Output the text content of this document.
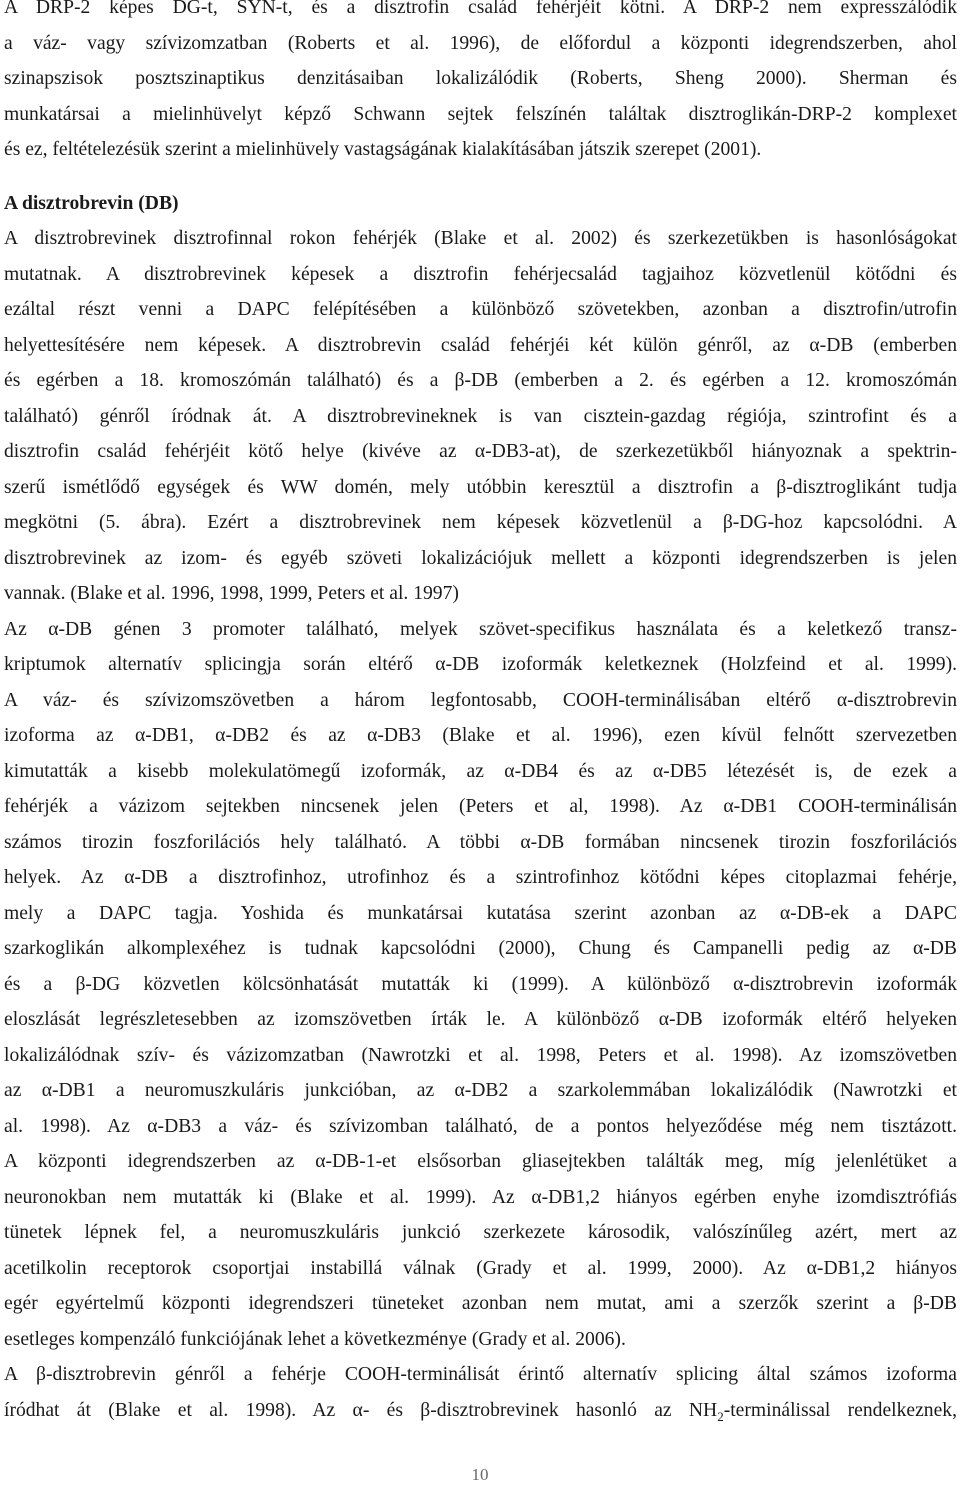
A DRP-2 képes DG-t, SYN-t, és a disztrofin család fehérjéit kötni. A DRP-2 nem expresszálódik
a váz- vagy szívizomzatban (Roberts et al. 1996), de előfordul a központi idegrendszerben, ahol
szinapszisok posztszinaptikus denzitásaiban lokalizálódik (Roberts, Sheng 2000). Sherman és
munkatársai a mielinhüvelyt képző Schwann sejtek felszínén találtak disztroglikán-DRP-2 komplexet
és ez, feltételezésük szerint a mielinhüvely vastagságának kialakításában játszik szerepet (2001).
A disztrobrevin (DB)
A disztrobrevinek disztrofinnal rokon fehérjék (Blake et al. 2002) és szerkezetükben is hasonlóságokat
mutatnak. A disztrobrevinek képesek a disztrofin fehérjecsalád tagjaihoz közvetlenül kötődni és
ezáltal részt venni a DAPC felépítésében a különböző szövetekben, azonban a disztrofin/utrofin
helyettesítésére nem képesek. A disztrobrevin család fehérjéi két külön génről, az α-DB (emberben
és egérben a 18. kromoszómán található) és a β-DB (emberben a 2. és egérben a 12. kromoszómán
található) génről íródnak át. A disztrobrevineknek is van cisztein-gazdag régiója, szintrofint és a
disztrofin család fehérjéit kötő helye (kivéve az α-DB3-at), de szerkezetükből hiányoznak a spektrin-
szerű ismétlődő egységek és WW domén, mely utóbbin keresztül a disztrofin a β-disztroglikánt tudja
megkötni (5. ábra). Ezért a disztrobrevinek nem képesek közvetlenül a β-DG-hoz kapcsolódni. A
disztrobrevinek az izom- és egyéb szöveti lokalizációjuk mellett a központi idegrendszerben is jelen
vannak. (Blake et al. 1996, 1998, 1999, Peters et al. 1997)
Az α-DB génen 3 promoter található, melyek szövet-specifikus használata és a keletkező transz-
kriptumok alternatív splicingja során eltérő α-DB izoformák keletkeznek (Holzfeind et al. 1999).
A váz- és szívizomszövetben a három legfontosabb, COOH-terminálisában eltérő α-disztrobrevin
izoforma az α-DB1, α-DB2 és az α-DB3 (Blake et al. 1996), ezen kívül felnőtt szervezetben
kimutatták a kisebb molekulatömegű izoformák, az α-DB4 és az α-DB5 létezését is, de ezek a
fehérjék a vázizom sejtekben nincsenek jelen (Peters et al, 1998). Az α-DB1 COOH-terminálisán
számos tirozin foszforilációs hely található. A többi α-DB formában nincsenek tirozin foszforilációs
helyek. Az α-DB a disztrofinhoz, utrofinhoz és a szintrofinhoz kötődni képes citoplazmai fehérje,
mely a DAPC tagja. Yoshida és munkatársai kutatása szerint azonban az α-DB-ek a DAPC
szarkoglikán alkomplexéhez is tudnak kapcsolódni (2000), Chung és Campanelli pedig az α-DB
és a β-DG közvetlen kölcsönhatását mutatták ki (1999). A különböző α-disztrobrevin izoformák
eloszlását legrészletesebben az izomszövetben írták le. A különböző α-DB izoformák eltérő helyeken
lokalizálódnak szív- és vázizomzatban (Nawrotzki et al. 1998, Peters et al. 1998). Az izomszövetben
az α-DB1 a neuromuszkuláris junkcióban, az α-DB2 a szarkolemmában lokalizálódik (Nawrotzki et
al. 1998). Az α-DB3 a váz- és szívizomban található, de a pontos helyeződése még nem tisztázott.
A központi idegrendszerben az α-DB-1-et elsősorban gliasejtekben találták meg, míg jelenlétüket a
neuronokban nem mutatták ki (Blake et al. 1999). Az α-DB1,2 hiányos egérben enyhe izomdisztrófiás
tünetek lépnek fel, a neuromuszkuláris junkció szerkezete károsodik, valószínűleg azért, mert az
acetilkolin receptorok csoportjai instabillá válnak (Grady et al. 1999, 2000). Az α-DB1,2 hiányos
egér egyértelmű központi idegrendszeri tüneteket azonban nem mutat, ami a szerzők szerint a β-DB
esetleges kompenzáló funkciójának lehet a következménye (Grady et al. 2006).
A β-disztrobrevin génről a fehérje COOH-terminálisát érintő alternatív splicing által számos izoforma
íródhat át (Blake et al. 1998). Az α- és β-disztrobrevinek hasonló az $NH_2$-terminálissal rendelkeznek,
10
